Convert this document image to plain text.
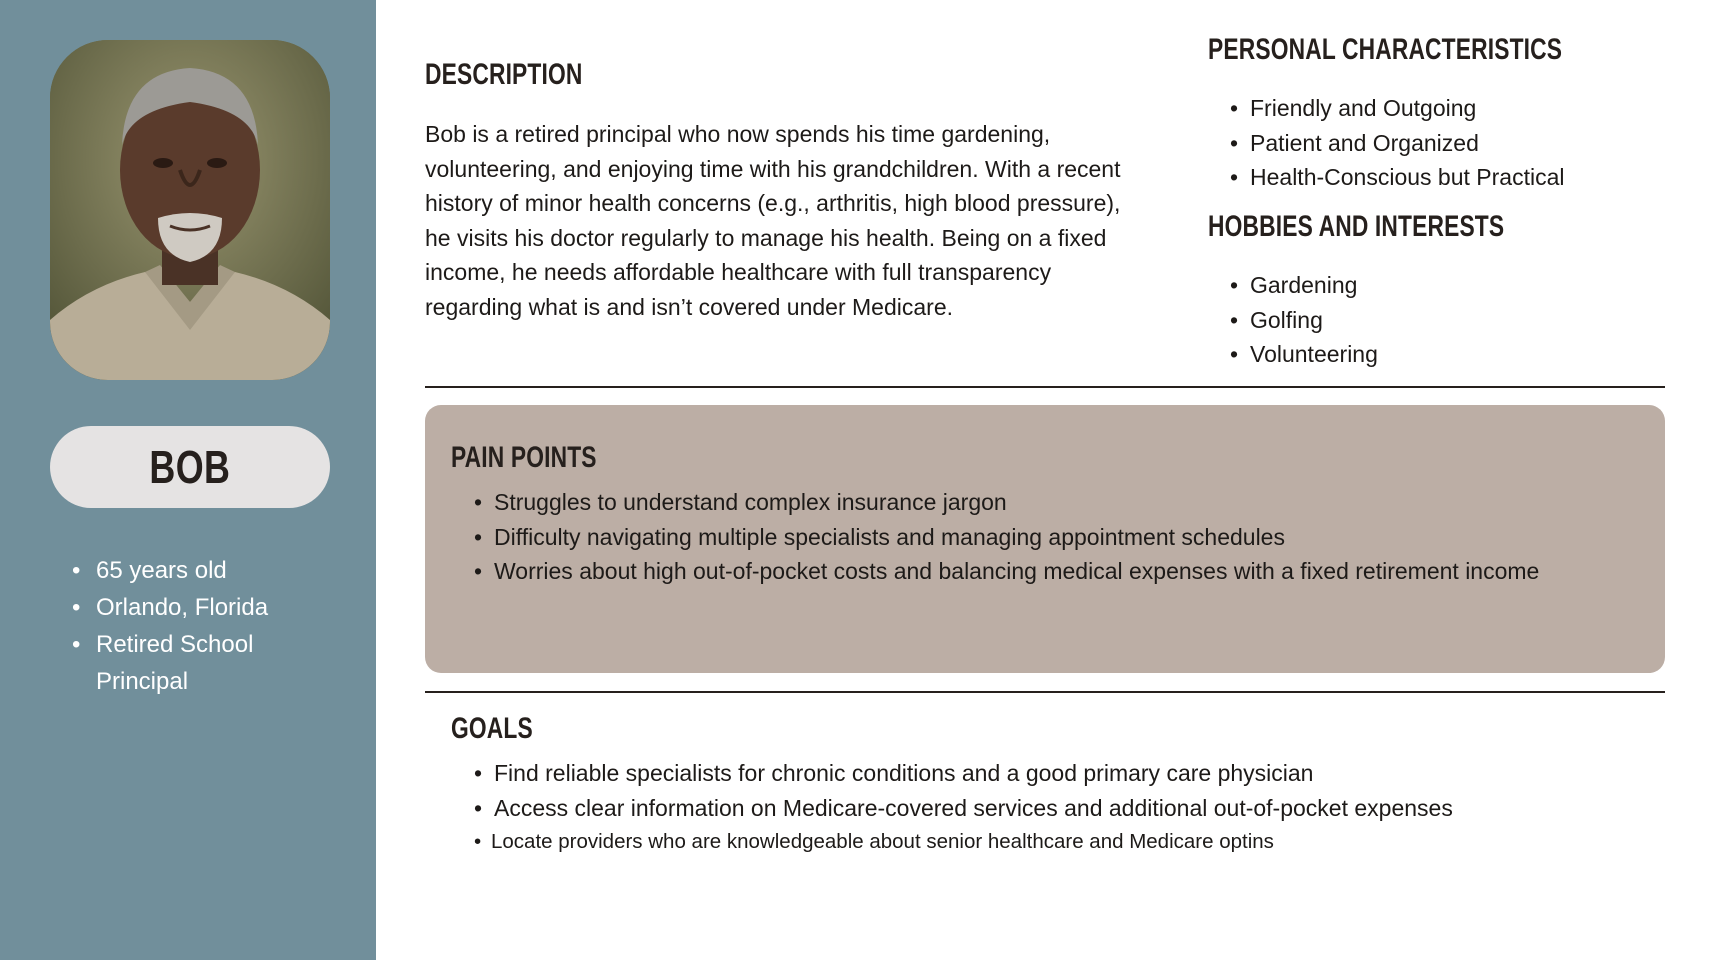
BOB
• 65 years old
• Orlando, Florida
• Retired School Principal
DESCRIPTION

Bob is a retired principal who now spends his time gardening, volunteering, and enjoying time with his grandchildren. With a recent history of minor health concerns (e.g., arthritis, high blood pressure), he visits his doctor regularly to manage his health. Being on a fixed income, he needs affordable healthcare with full transparency regarding what is and isn’t covered under Medicare.

PERSONAL CHARACTERISTICS
• Friendly and Outgoing
• Patient and Organized
• Health-Conscious but Practical
HOBBIES AND INTERESTS
• Gardening
• Golfing
• Volunteering
PAIN POINTS
• Struggles to understand complex insurance jargon
• Difficulty navigating multiple specialists and managing appointment schedules
• Worries about high out-of-pocket costs and balancing medical expenses with a fixed retirement income
GOALS
• Find reliable specialists for chronic conditions and a good primary care physician
• Access clear information on Medicare-covered services and additional out-of-pocket expenses
• Locate providers who are knowledgeable about senior healthcare and Medicare optins
